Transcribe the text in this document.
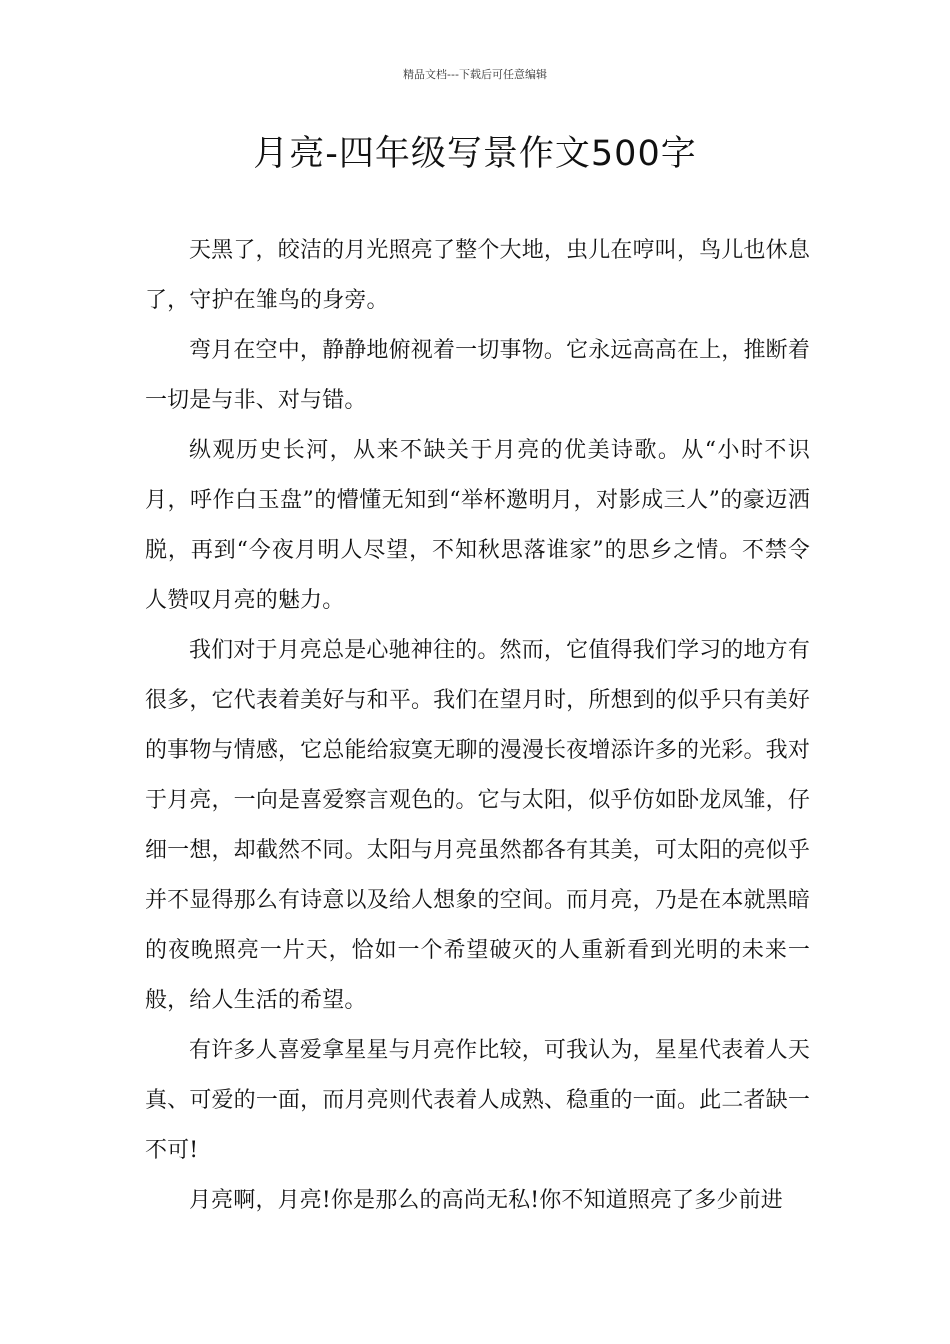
精品文档---下载后可任意编辑
月亮-四年级写景作文500字

天黑了，皎洁的月光照亮了整个大地，虫儿在哼叫，鸟儿也休息了，守护在雏鸟的身旁。

弯月在空中，静静地俯视着一切事物。它永远高高在上，推断着一切是与非、对与错。

纵观历史长河，从来不缺关于月亮的优美诗歌。从“小时不识月，呼作白玉盘”的懵懂无知到“举杯邀明月，对影成三人”的豪迈洒脱，再到“今夜月明人尽望，不知秋思落谁家”的思乡之情。不禁令人赞叹月亮的魅力。

我们对于月亮总是心驰神往的。然而，它值得我们学习的地方有很多，它代表着美好与和平。我们在望月时，所想到的似乎只有美好的事物与情感，它总能给寂寞无聊的漫漫长夜增添许多的光彩。我对于月亮，一向是喜爱察言观色的。它与太阳，似乎仿如卧龙凤雏，仔细一想，却截然不同。太阳与月亮虽然都各有其美，可太阳的亮似乎并不显得那么有诗意以及给人想象的空间。而月亮，乃是在本就黑暗的夜晚照亮一片天，恰如一个希望破灭的人重新看到光明的未来一般，给人生活的希望。

有许多人喜爱拿星星与月亮作比较，可我认为，星星代表着人天真、可爱的一面，而月亮则代表着人成熟、稳重的一面。此二者缺一不可!

月亮啊，月亮!你是那么的高尚无私!你不知道照亮了多少前进
